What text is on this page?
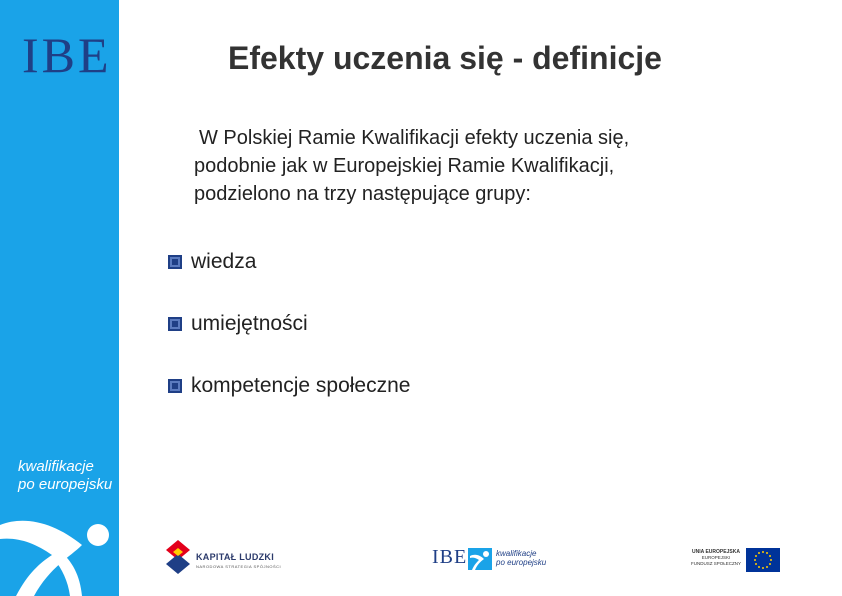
IBE
kwalifikacje
po europejsku
Efekty uczenia się - definicje
W Polskiej Ramie Kwalifikacji efekty uczenia się,
podobnie jak w Europejskiej Ramie Kwalifikacji,
podzielono na trzy następujące grupy:
wiedza
umiejętności
kompetencje społeczne
KAPITAŁ LUDZKI
NARODOWA STRATEGIA SPÓJNOŚCI	IBE	kwalifikacje
po europejsku
UNIA EUROPEJSKA
EUROPEJSKI
FUNDUSZ SPOŁECZNY
